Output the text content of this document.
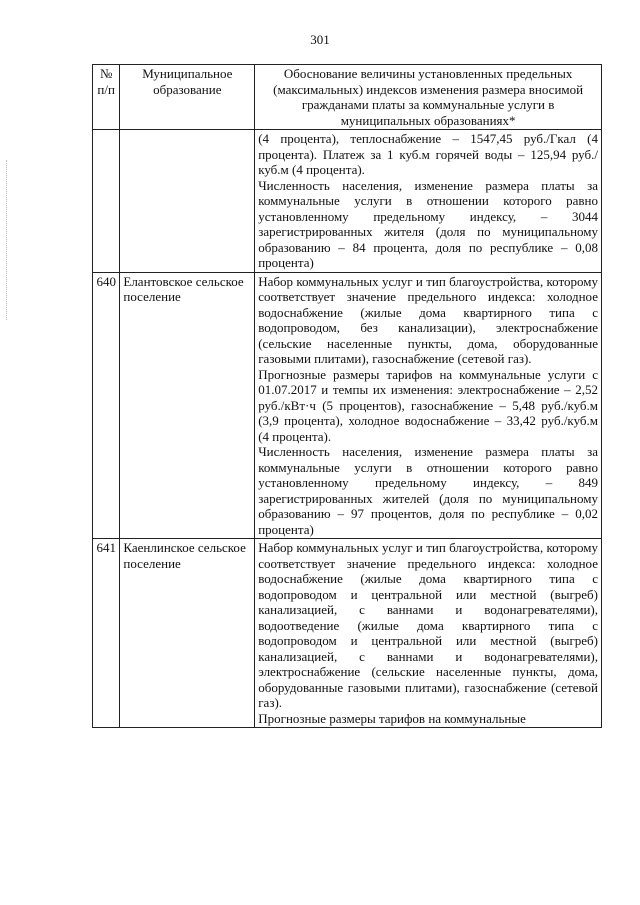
301
№ п/п	Муниципальное образование	Обоснование величины установленных предельных (максимальных) индексов изменения размера вносимой гражданами платы за коммунальные услуги в муниципальных образованиях*

		(4 процента), теплоснабжение – 1547,45 руб./Гкал (4 процента). Платеж за 1 куб.м горячей воды – 125,94 руб./куб.м (4 процента).

Численность населения, изменение размера платы за коммунальные услуги в отношении которого равно установленному предельному индексу, – 3044 зарегистрированных жителя (доля по муниципальному образованию – 84 процента, доля по республике – 0,08 процента)

640	Елантовское сельское поселение	Набор коммунальных услуг и тип благоустройства, которому соответствует значение предельного индекса: холодное водоснабжение (жилые дома квартирного типа с водопроводом, без канализации), электроснабжение (сельские населенные пункты, дома, оборудованные газовыми плитами), газоснабжение (сетевой газ).

Прогнозные размеры тарифов на коммунальные услуги с 01.07.2017 и темпы их изменения: электроснабжение – 2,52 руб./кВт·ч (5 процентов), газоснабжение – 5,48 руб./куб.м (3,9 процента), холодное водоснабжение – 33,42 руб./куб.м (4 процента).

Численность населения, изменение размера платы за коммунальные услуги в отношении которого равно установленному предельному индексу, – 849 зарегистрированных жителей (доля по муниципальному образованию – 97 процентов, доля по республике – 0,02 процента)

641	Каенлинское сельское поселение	Набор коммунальных услуг и тип благоустройства, которому соответствует значение предельного индекса: холодное водоснабжение (жилые дома квартирного типа с водопроводом и центральной или местной (выгреб) канализацией, с ваннами и водонагревателями), водоотведение (жилые дома квартирного типа с водопроводом и центральной или местной (выгреб) канализацией, с ваннами и водонагревателями), электроснабжение (сельские населенные пункты, дома, оборудованные газовыми плитами), газоснабжение (сетевой газ).

Прогнозные размеры тарифов на коммунальные
